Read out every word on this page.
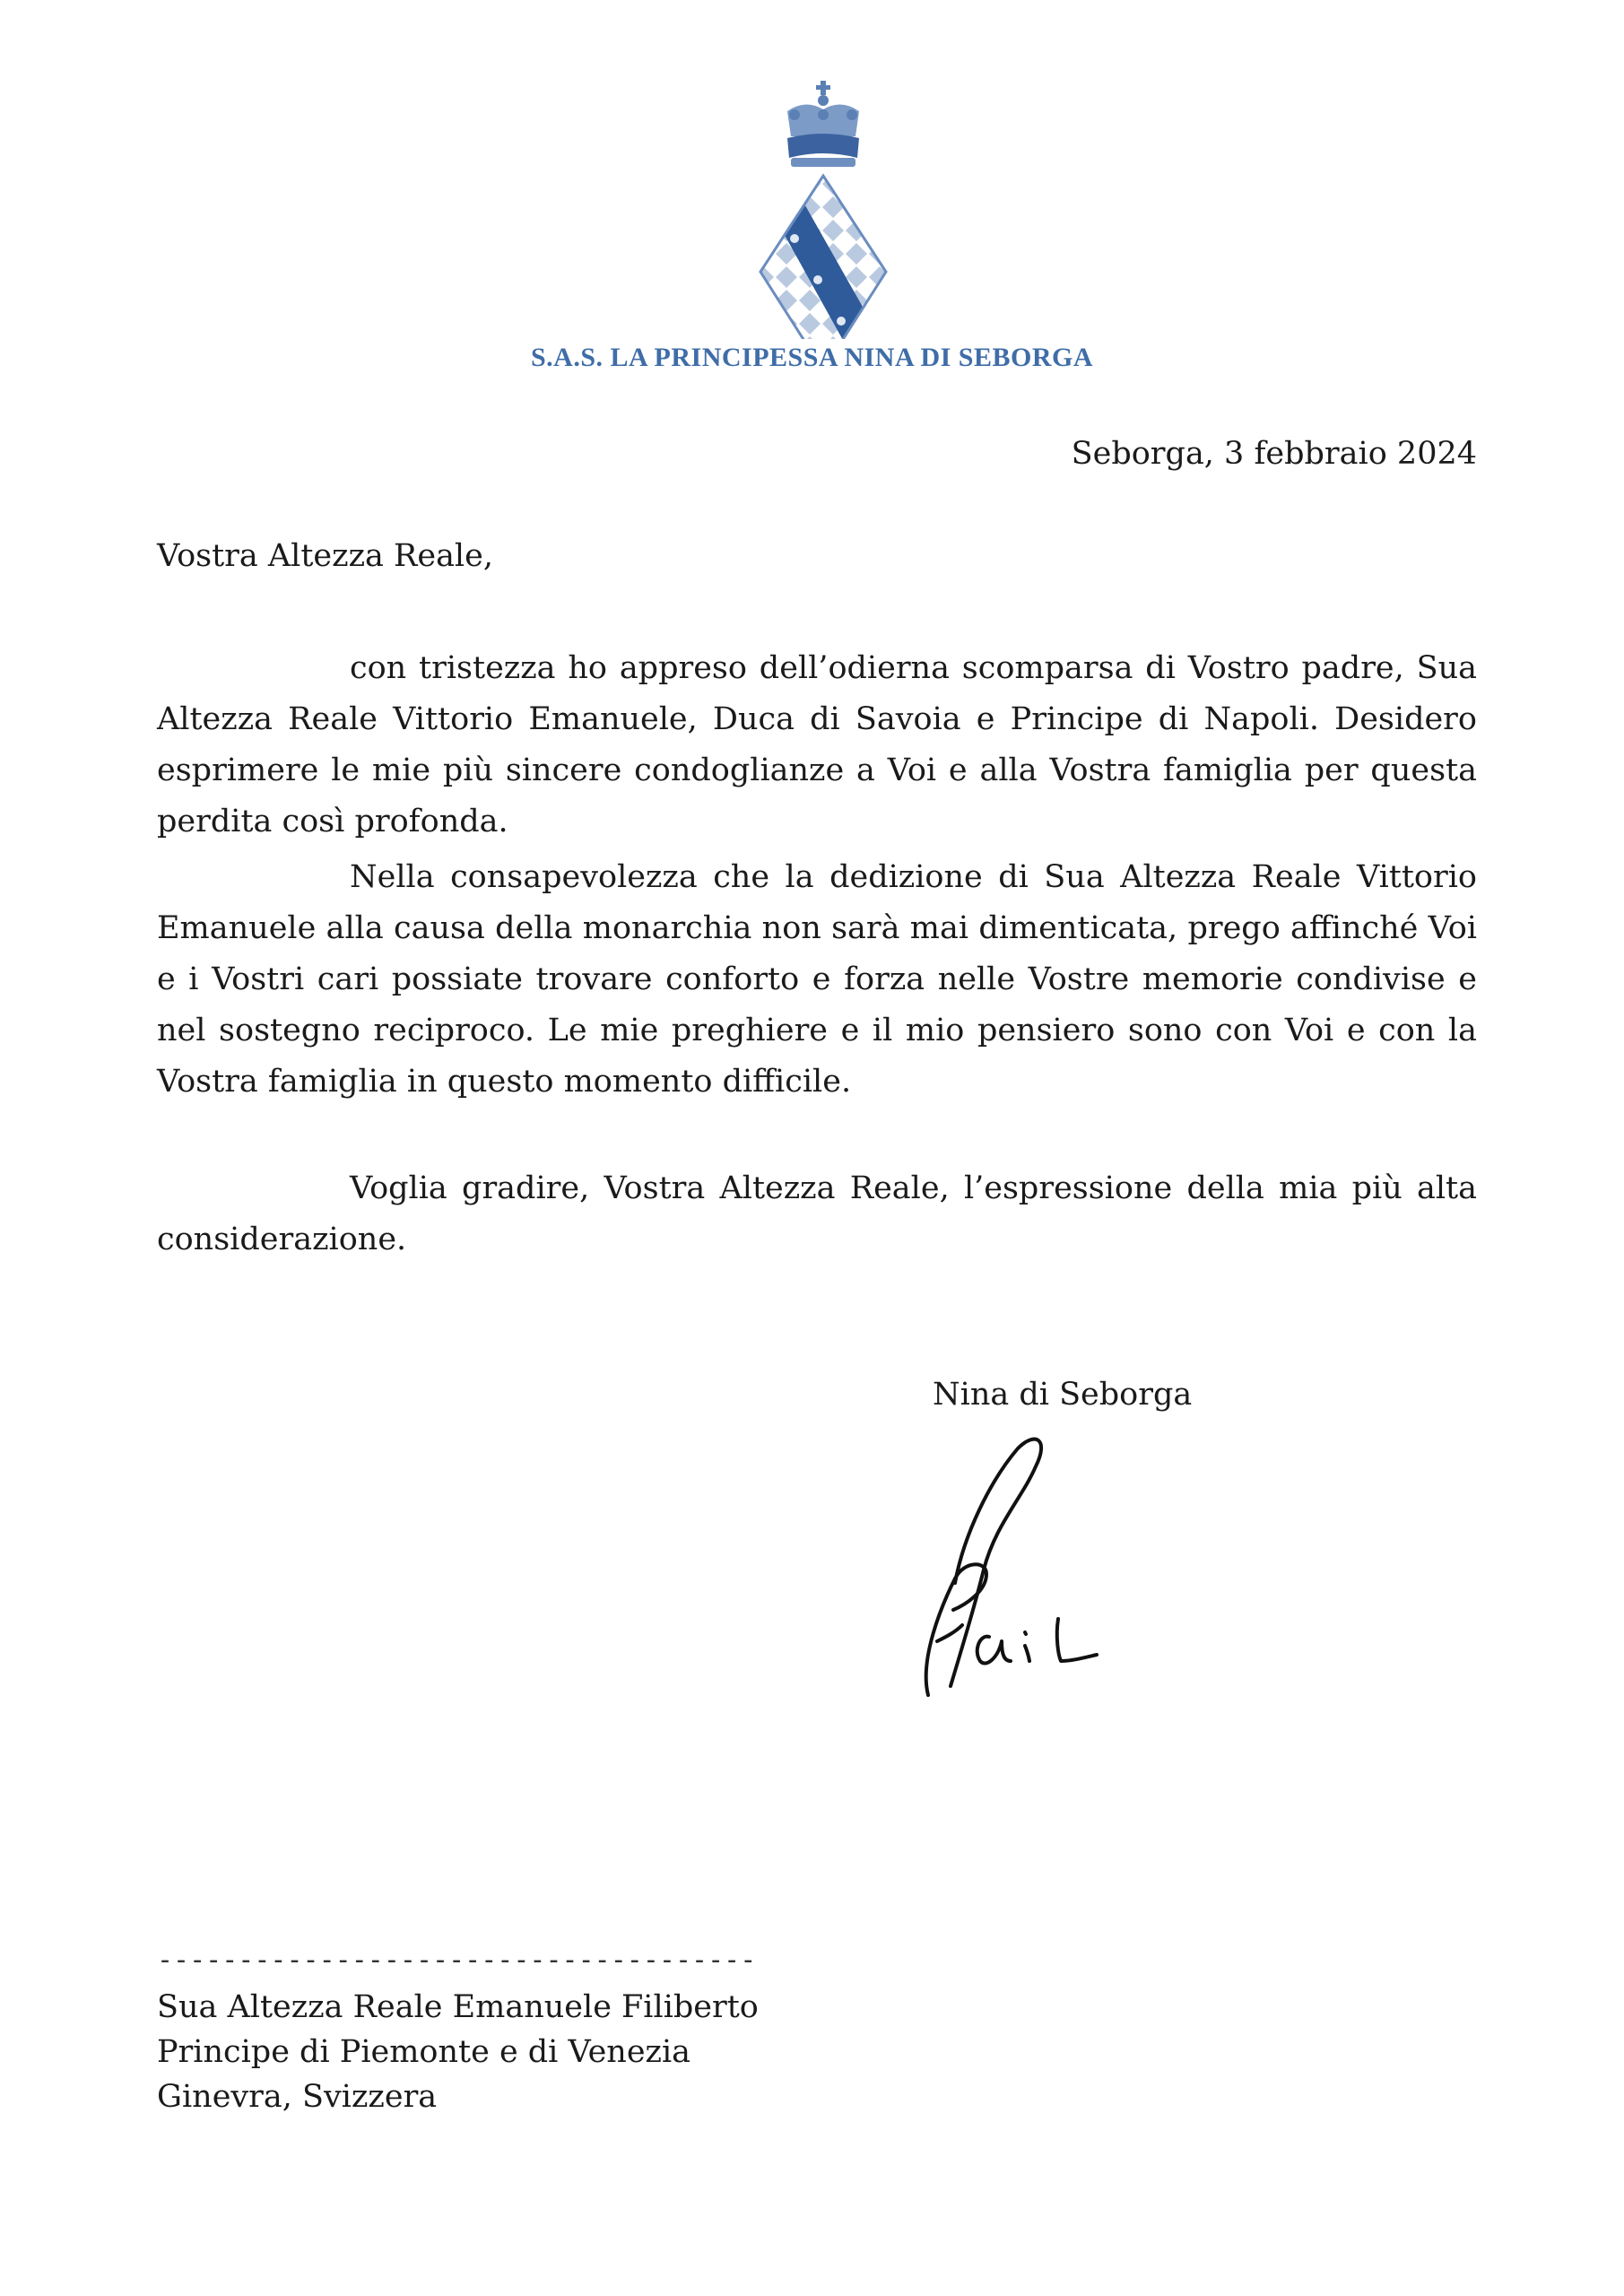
S.A.S. LA PRINCIPESSA NINA DI SEBORGA
Seborga, 3 febbraio 2024
Vostra Altezza Reale,

con tristezza ho appreso dell’odierna scomparsa di Vostro padre, Sua Altezza Reale Vittorio Emanuele, Duca di Savoia e Principe di Napoli. Desidero esprimere le mie più sincere condoglianze a Voi e alla Vostra famiglia per questa perdita così profonda.

Nella consapevolezza che la dedizione di Sua Altezza Reale Vittorio Emanuele alla causa della monarchia non sarà mai dimenticata, prego affinché Voi e i Vostri cari possiate trovare conforto e forza nelle Vostre memorie condivise e nel sostegno reciproco. Le mie preghiere e il mio pensiero sono con Voi e con la Vostra famiglia in questo momento difficile.

Voglia gradire, Vostra Altezza Reale, l’espressione della mia più alta considerazione.

Nina di Seborga
-------------------------------------
Sua Altezza Reale Emanuele Filiberto
Principe di Piemonte e di Venezia
Ginevra, Svizzera
